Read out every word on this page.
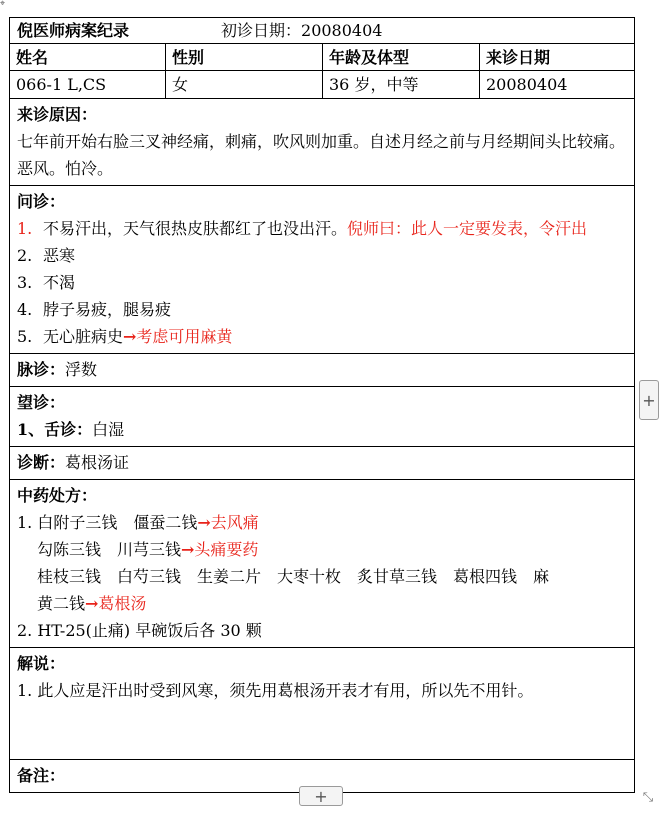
⌖
倪医师病案纪录	初诊日期：20080404
姓名	性别	年龄及体型	来诊日期
066-1 L,CS	女	36 岁，中等	20080404
来诊原因：
七年前开始右脸三叉神经痛，刺痛，吹风则加重。自述月经之前与月经期间头比较痛。恶风。怕冷。
问诊：
1. 不易汗出，天气很热皮肤都红了也没出汗。倪师曰：此人一定要发表，令汗出
2. 恶寒
3. 不渴
4. 脖子易疲，腿易疲
5. 无心脏病史→考虑可用麻黄
脉诊：浮数
望诊：
1、舌诊：白湿
诊断：葛根汤证
中药处方：
1. 白附子三钱　僵蚕二钱→去风痛
勾陈三钱　川芎三钱→头痛要药
桂枝三钱　白芍三钱　生姜二片　大枣十枚　炙甘草三钱　葛根四钱　麻
黄二钱→葛根汤
2. HT-25(止痛) 早碗饭后各 30 颗
解说：
1. 此人应是汗出时受到风寒，须先用葛根汤开表才有用，所以先不用针。
备注：
+
+	⤡
